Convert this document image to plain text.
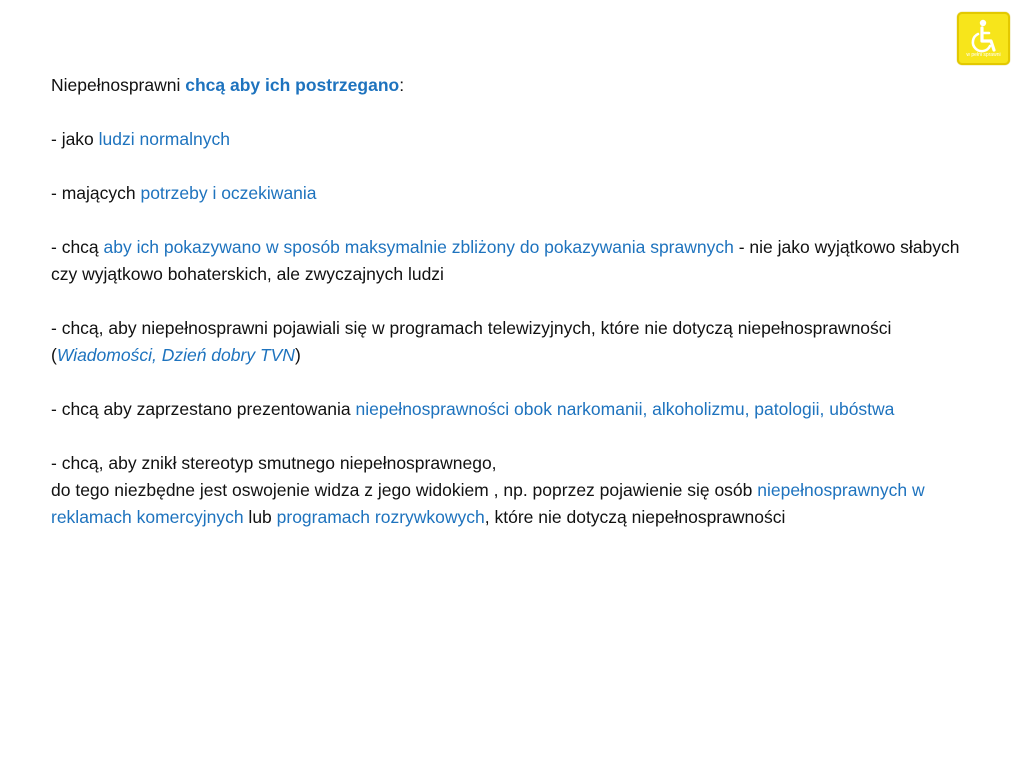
w pełni sprawni

Niepełnosprawni chcą aby ich postrzegano:

- jako ludzi normalnych

- mających potrzeby i oczekiwania

- chcą aby ich pokazywano w sposób maksymalnie zbliżony do pokazywania sprawnych - nie jako wyjątkowo słabych czy wyjątkowo bohaterskich, ale zwyczajnych ludzi

- chcą, aby niepełnosprawni pojawiali się w programach telewizyjnych, które nie dotyczą niepełnosprawności (Wiadomości, Dzień dobry TVN)

- chcą aby zaprzestano prezentowania niepełnosprawności obok narkomanii, alkoholizmu, patologii, ubóstwa

- chcą, aby znikł stereotyp smutnego niepełnosprawnego,
do tego niezbędne jest oswojenie widza z jego widokiem , np. poprzez pojawienie się osób niepełnosprawnych w reklamach komercyjnych lub programach rozrywkowych, które nie dotyczą niepełnosprawności
